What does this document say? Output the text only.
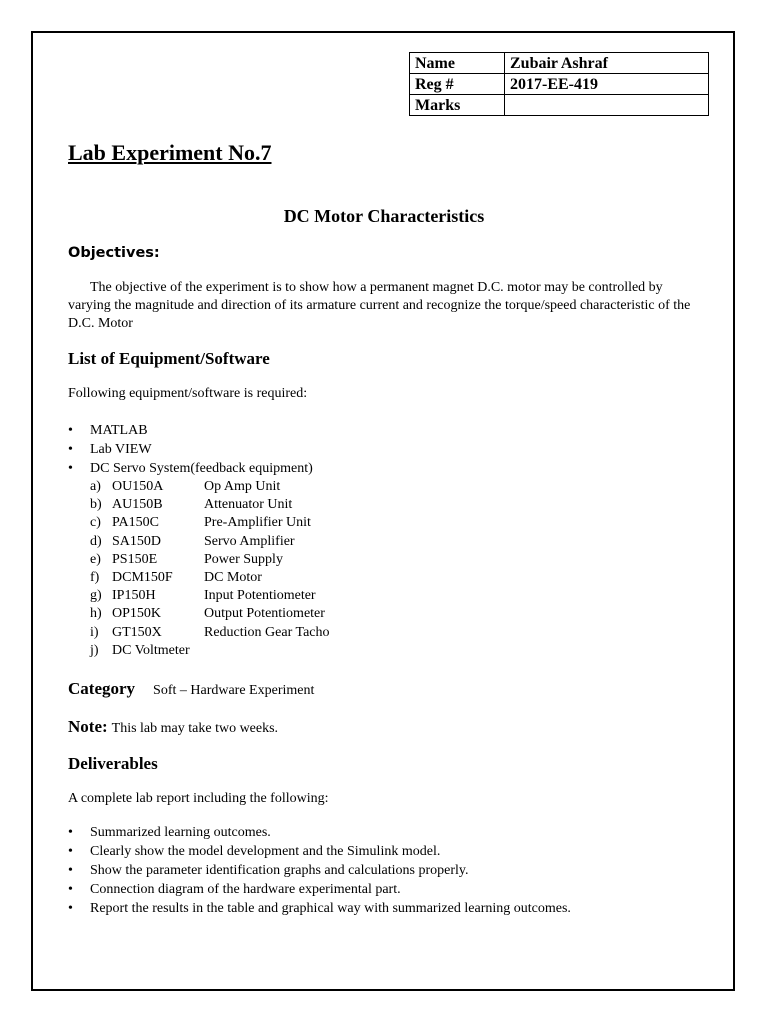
Name	Zubair Ashraf
Reg #	2017-EE-419
Marks	
Lab Experiment No.7
DC Motor Characteristics
Objectives:

The objective of the experiment is to show how a permanent magnet D.C. motor may be controlled by varying the magnitude and direction of its armature current and recognize the torque/speed characteristic of the D.C. Motor

List of Equipment/Software
Following equipment/software is required:
• MATLAB
• Lab VIEW
• DC Servo System(feedback equipment)
a) OU150A	Op Amp Unit
b) AU150B	Attenuator Unit
c) PA150C	Pre-Amplifier Unit
d) SA150D	Servo Amplifier
e) PS150E	Power Supply
f) DCM150F DC Motor
g) IP150H	Input Potentiometer
h) OP150K	Output Potentiometer
i) GT150X	Reduction Gear Tacho
j) DC Voltmeter
Category Soft – Hardware Experiment
Note: This lab may take two weeks.
Deliverables
A complete lab report including the following:
• Summarized learning outcomes.
• Clearly show the model development and the Simulink model.
• Show the parameter identification graphs and calculations properly.
• Connection diagram of the hardware experimental part.
• Report the results in the table and graphical way with summarized learning outcomes.
